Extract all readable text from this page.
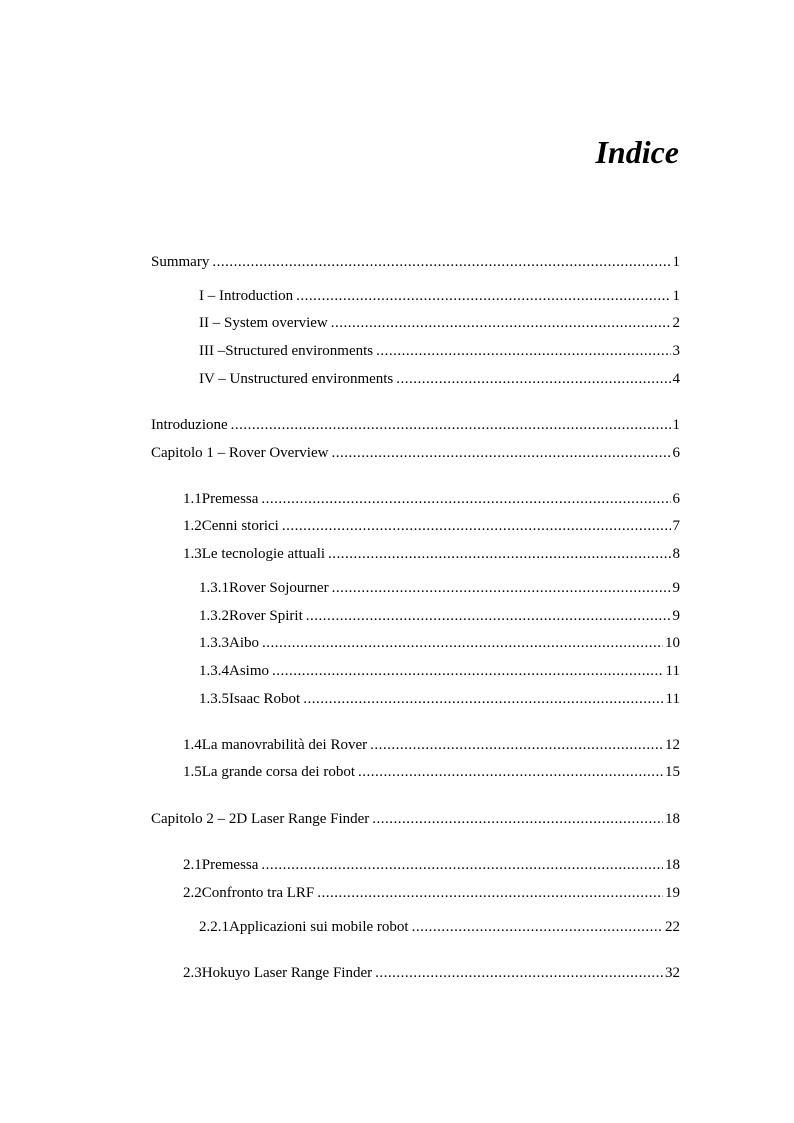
Indice
Summary .....	1
I – Introduction .....	1
II – System overview .....	2
III –Structured environments .....	3
IV – Unstructured environments .....	4
Introduzione .....	1
Capitolo 1 – Rover Overview .....	6
1.1 Premessa .....	6
1.2 Cenni storici .....	7
1.3 Le tecnologie attuali .....	8
1.3.1 Rover Sojourner .....	9
1.3.2 Rover Spirit .....	9
1.3.3 Aibo .....	10
1.3.4 Asimo .....	11
1.3.5 Isaac Robot .....	11
1.4 La manovrabilità dei Rover .....	12
1.5 La grande corsa dei robot .....	15
Capitolo 2 – 2D Laser Range Finder .....	18
2.1 Premessa .....	18
2.2 Confronto tra LRF .....	19
2.2.1 Applicazioni sui mobile robot .....	22
2.3 Hokuyo Laser Range Finder .....	32
